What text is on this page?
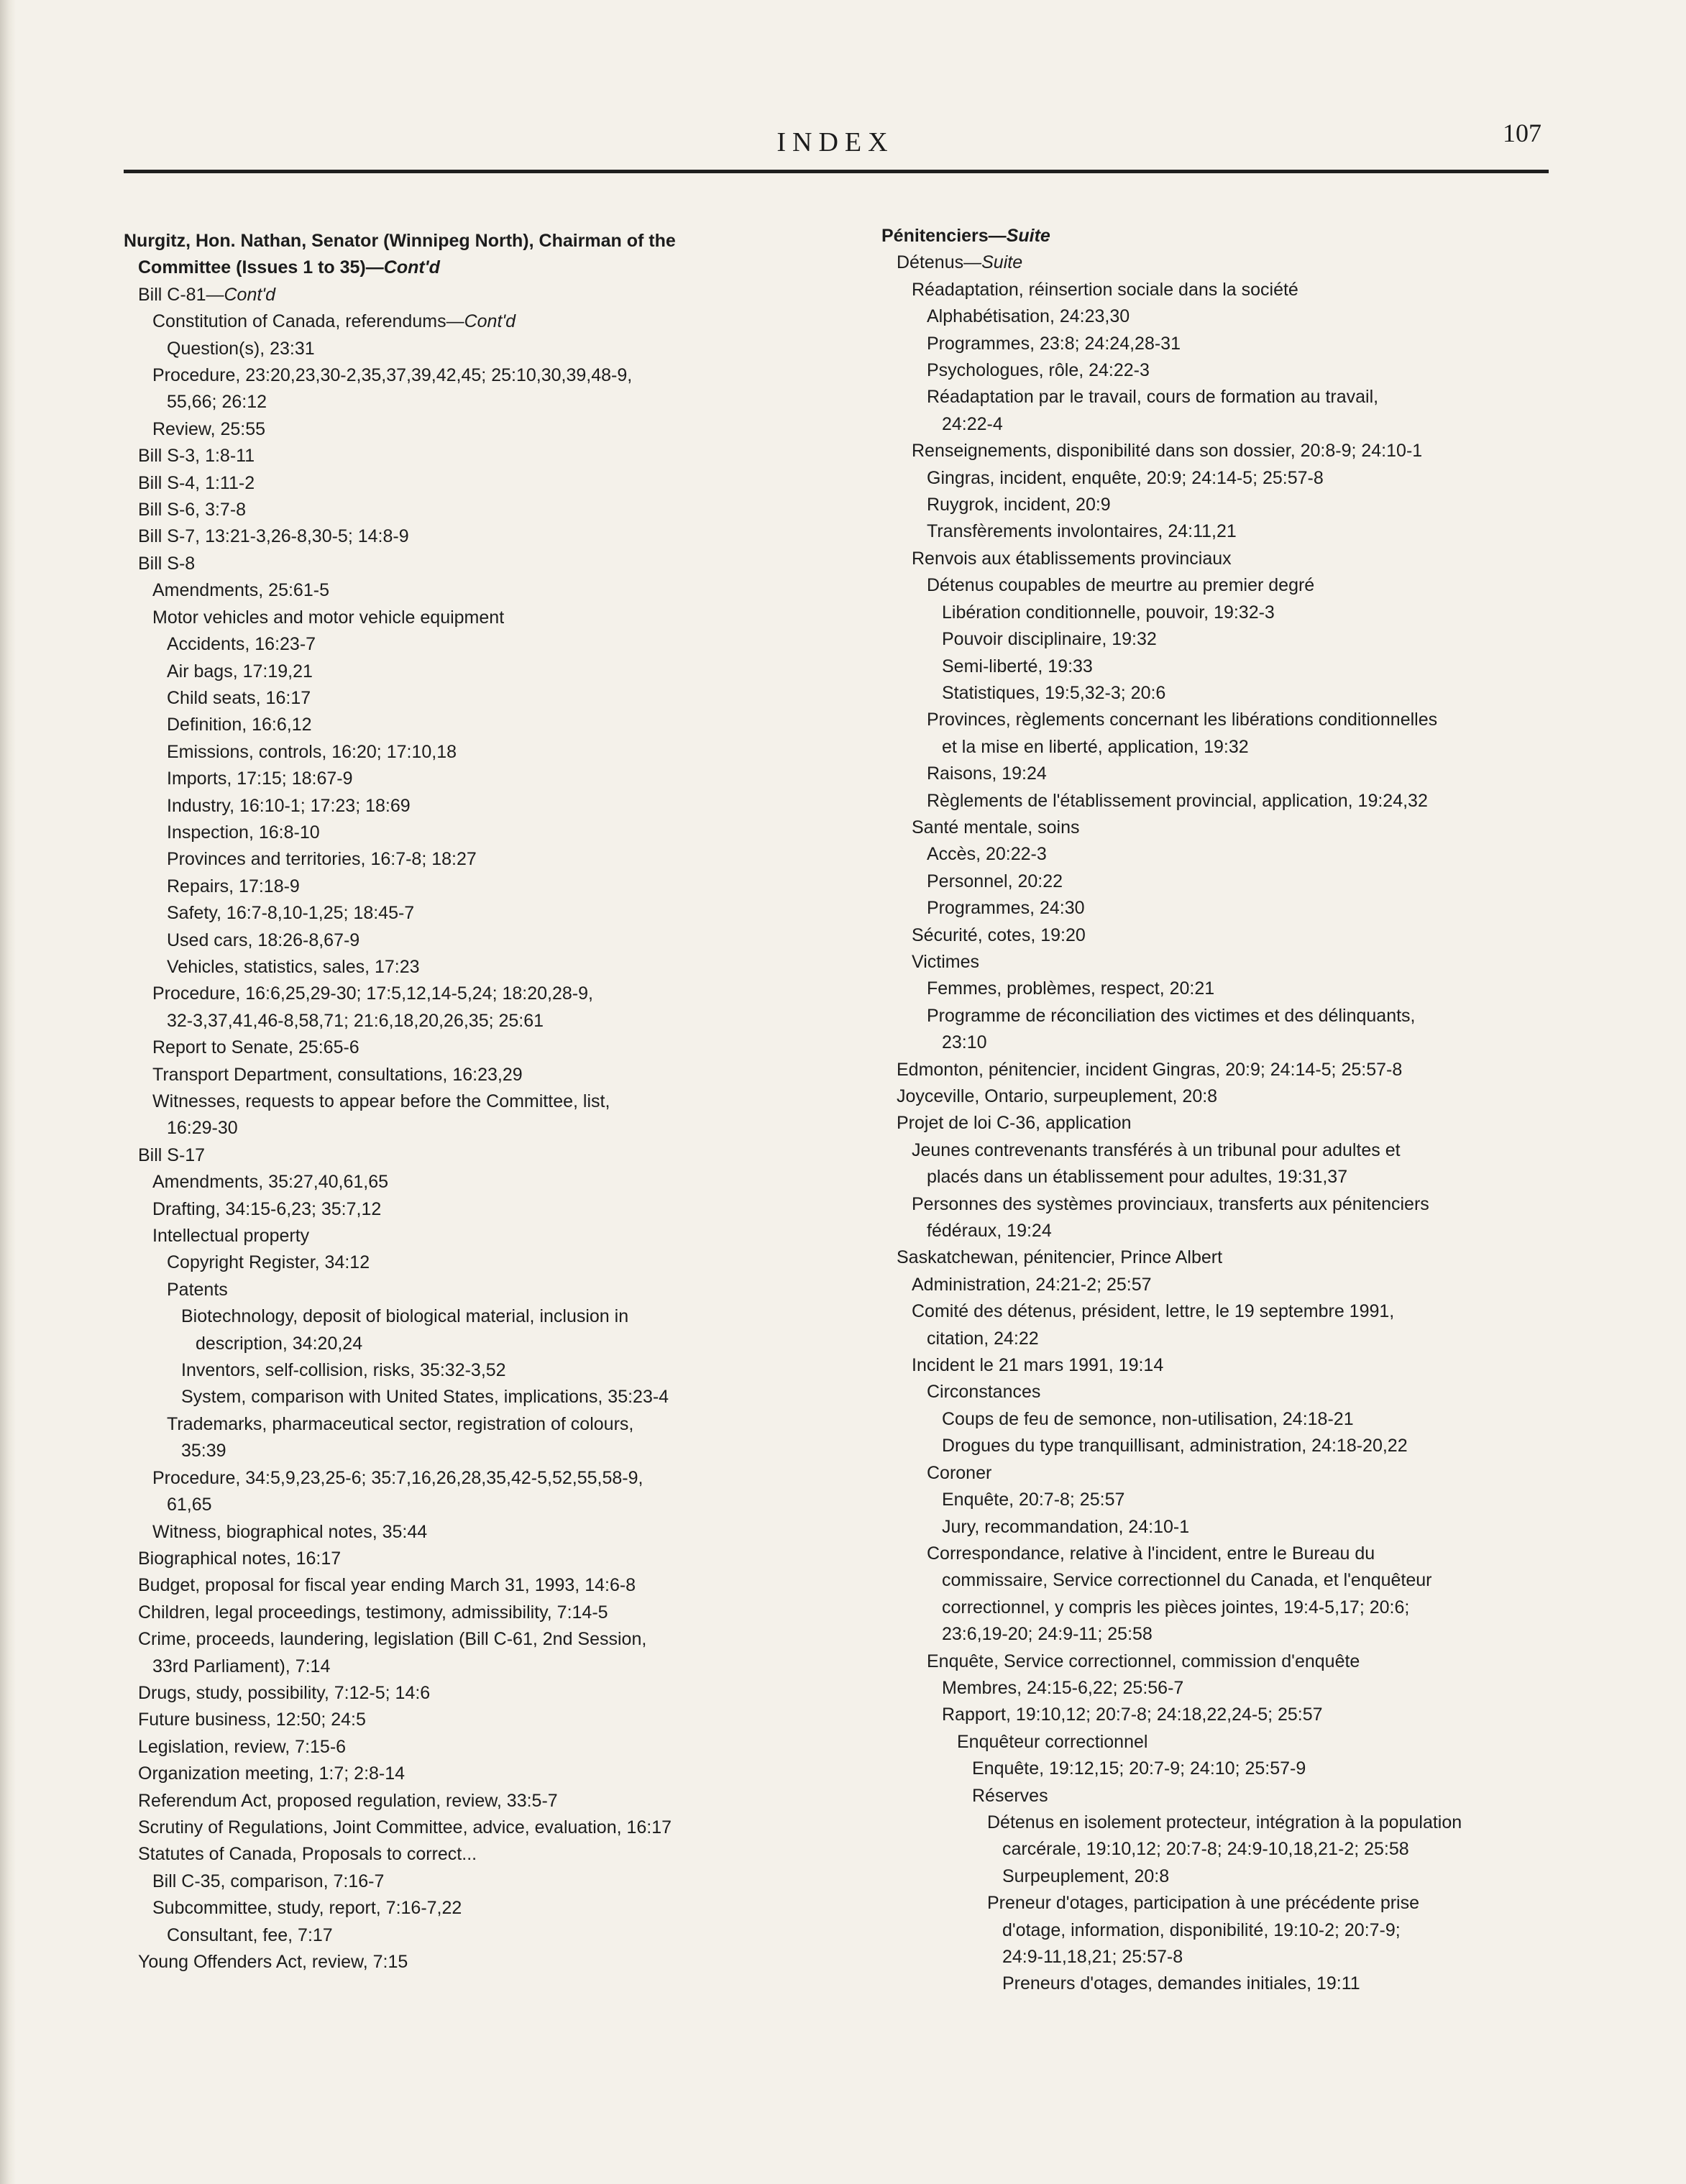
INDEX	107
Nurgitz, Hon. Nathan, Senator (Winnipeg North), Chairman of the
Committee (Issues 1 to 35)—Cont'd
Bill C-81—Cont'd
Constitution of Canada, referendums—Cont'd
Question(s), 23:31
Procedure, 23:20,23,30-2,35,37,39,42,45; 25:10,30,39,48-9,
55,66; 26:12
Review, 25:55
Bill S-3, 1:8-11
Bill S-4, 1:11-2
Bill S-6, 3:7-8
Bill S-7, 13:21-3,26-8,30-5; 14:8-9
Bill S-8
Amendments, 25:61-5
Motor vehicles and motor vehicle equipment
Accidents, 16:23-7
Air bags, 17:19,21
Child seats, 16:17
Definition, 16:6,12
Emissions, controls, 16:20; 17:10,18
Imports, 17:15; 18:67-9
Industry, 16:10-1; 17:23; 18:69
Inspection, 16:8-10
Provinces and territories, 16:7-8; 18:27
Repairs, 17:18-9
Safety, 16:7-8,10-1,25; 18:45-7
Used cars, 18:26-8,67-9
Vehicles, statistics, sales, 17:23
Procedure, 16:6,25,29-30; 17:5,12,14-5,24; 18:20,28-9,
32-3,37,41,46-8,58,71; 21:6,18,20,26,35; 25:61
Report to Senate, 25:65-6
Transport Department, consultations, 16:23,29
Witnesses, requests to appear before the Committee, list,
16:29-30
Bill S-17
Amendments, 35:27,40,61,65
Drafting, 34:15-6,23; 35:7,12
Intellectual property
Copyright Register, 34:12
Patents
Biotechnology, deposit of biological material, inclusion in
description, 34:20,24
Inventors, self-collision, risks, 35:32-3,52
System, comparison with United States, implications, 35:23-4
Trademarks, pharmaceutical sector, registration of colours,
35:39
Procedure, 34:5,9,23,25-6; 35:7,16,26,28,35,42-5,52,55,58-9,
61,65
Witness, biographical notes, 35:44
Biographical notes, 16:17
Budget, proposal for fiscal year ending March 31, 1993, 14:6-8
Children, legal proceedings, testimony, admissibility, 7:14-5
Crime, proceeds, laundering, legislation (Bill C-61, 2nd Session,
33rd Parliament), 7:14
Drugs, study, possibility, 7:12-5; 14:6
Future business, 12:50; 24:5
Legislation, review, 7:15-6
Organization meeting, 1:7; 2:8-14
Referendum Act, proposed regulation, review, 33:5-7
Scrutiny of Regulations, Joint Committee, advice, evaluation, 16:17
Statutes of Canada, Proposals to correct...
Bill C-35, comparison, 7:16-7
Subcommittee, study, report, 7:16-7,22
Consultant, fee, 7:17
Young Offenders Act, review, 7:15
Pénitenciers—Suite
Détenus—Suite
Réadaptation, réinsertion sociale dans la société
Alphabétisation, 24:23,30
Programmes, 23:8; 24:24,28-31
Psychologues, rôle, 24:22-3
Réadaptation par le travail, cours de formation au travail,
24:22-4
Renseignements, disponibilité dans son dossier, 20:8-9; 24:10-1
Gingras, incident, enquête, 20:9; 24:14-5; 25:57-8
Ruygrok, incident, 20:9
Transfèrements involontaires, 24:11,21
Renvois aux établissements provinciaux
Détenus coupables de meurtre au premier degré
Libération conditionnelle, pouvoir, 19:32-3
Pouvoir disciplinaire, 19:32
Semi-liberté, 19:33
Statistiques, 19:5,32-3; 20:6
Provinces, règlements concernant les libérations conditionnelles
et la mise en liberté, application, 19:32
Raisons, 19:24
Règlements de l'établissement provincial, application, 19:24,32
Santé mentale, soins
Accès, 20:22-3
Personnel, 20:22
Programmes, 24:30
Sécurité, cotes, 19:20
Victimes
Femmes, problèmes, respect, 20:21
Programme de réconciliation des victimes et des délinquants,
23:10
Edmonton, pénitencier, incident Gingras, 20:9; 24:14-5; 25:57-8
Joyceville, Ontario, surpeuplement, 20:8
Projet de loi C-36, application
Jeunes contrevenants transférés à un tribunal pour adultes et
placés dans un établissement pour adultes, 19:31,37
Personnes des systèmes provinciaux, transferts aux pénitenciers
fédéraux, 19:24
Saskatchewan, pénitencier, Prince Albert
Administration, 24:21-2; 25:57
Comité des détenus, président, lettre, le 19 septembre 1991,
citation, 24:22
Incident le 21 mars 1991, 19:14
Circonstances
Coups de feu de semonce, non-utilisation, 24:18-21
Drogues du type tranquillisant, administration, 24:18-20,22
Coroner
Enquête, 20:7-8; 25:57
Jury, recommandation, 24:10-1
Correspondance, relative à l'incident, entre le Bureau du
commissaire, Service correctionnel du Canada, et l'enquêteur
correctionnel, y compris les pièces jointes, 19:4-5,17; 20:6;
23:6,19-20; 24:9-11; 25:58
Enquête, Service correctionnel, commission d'enquête
Membres, 24:15-6,22; 25:56-7
Rapport, 19:10,12; 20:7-8; 24:18,22,24-5; 25:57
Enquêteur correctionnel
Enquête, 19:12,15; 20:7-9; 24:10; 25:57-9
Réserves
Détenus en isolement protecteur, intégration à la population
carcérale, 19:10,12; 20:7-8; 24:9-10,18,21-2; 25:58
Surpeuplement, 20:8
Preneur d'otages, participation à une précédente prise
d'otage, information, disponibilité, 19:10-2; 20:7-9;
24:9-11,18,21; 25:57-8
Preneurs d'otages, demandes initiales, 19:11
